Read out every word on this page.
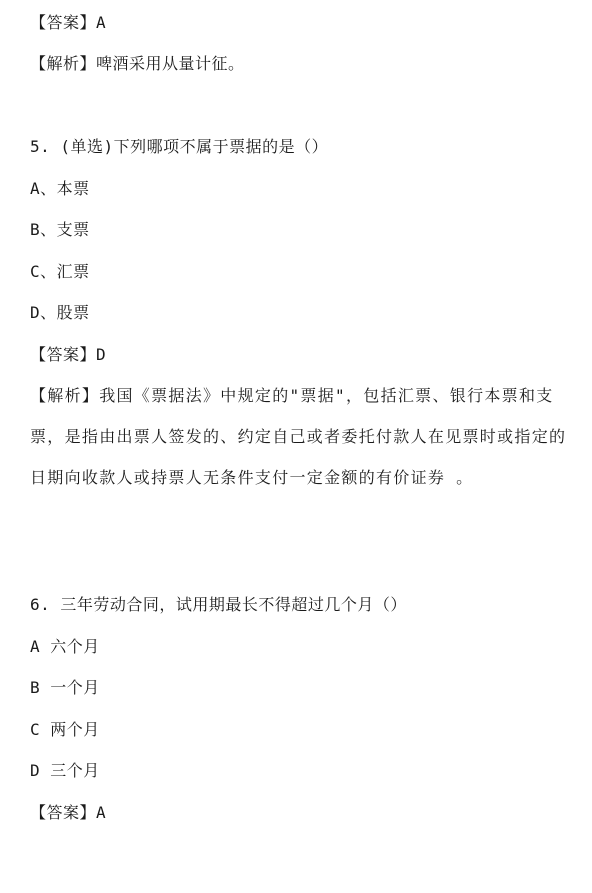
【答案】A
【解析】啤酒采用从量计征。
5. (单选)下列哪项不属于票据的是（）
A、本票
B、支票
C、汇票
D、股票
【答案】D
【解析】我国《票据法》中规定的"票据"，包括汇票、银行本票和支票，是指由出票人签发的、约定自己或者委托付款人在见票时或指定的日期向收款人或持票人无条件支付一定金额的有价证券 。
6. 三年劳动合同，试用期最长不得超过几个月（）
A 六个月
B 一个月
C 两个月
D 三个月
【答案】A
